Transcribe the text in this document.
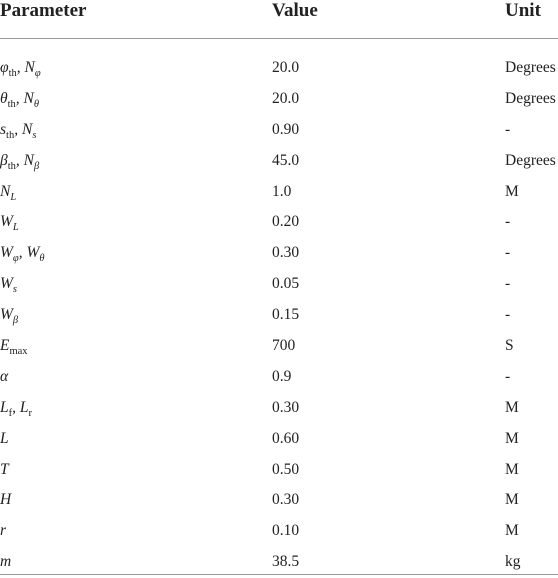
Parameter	Value	Unit
$\varphi_{th}$, $N_\varphi$	20.0	Degrees
$\theta_{th}$, $N_\theta$	20.0	Degrees
$s_{th}$, $N_s$	0.90	-
$\beta_{th}$, $N_\beta$	45.0	Degrees
$N_L$	1.0	M
$W_L$	0.20	-
$W_\varphi$, $W_\theta$	0.30	-
$W_s$	0.05	-
$W_\beta$	0.15	-
$E_{max}$	700	S
α	0.9	-
$L_f$, $L_r$	0.30	M
L	0.60	M
T	0.50	M
H	0.30	M
r	0.10	M
m	38.5	kg
